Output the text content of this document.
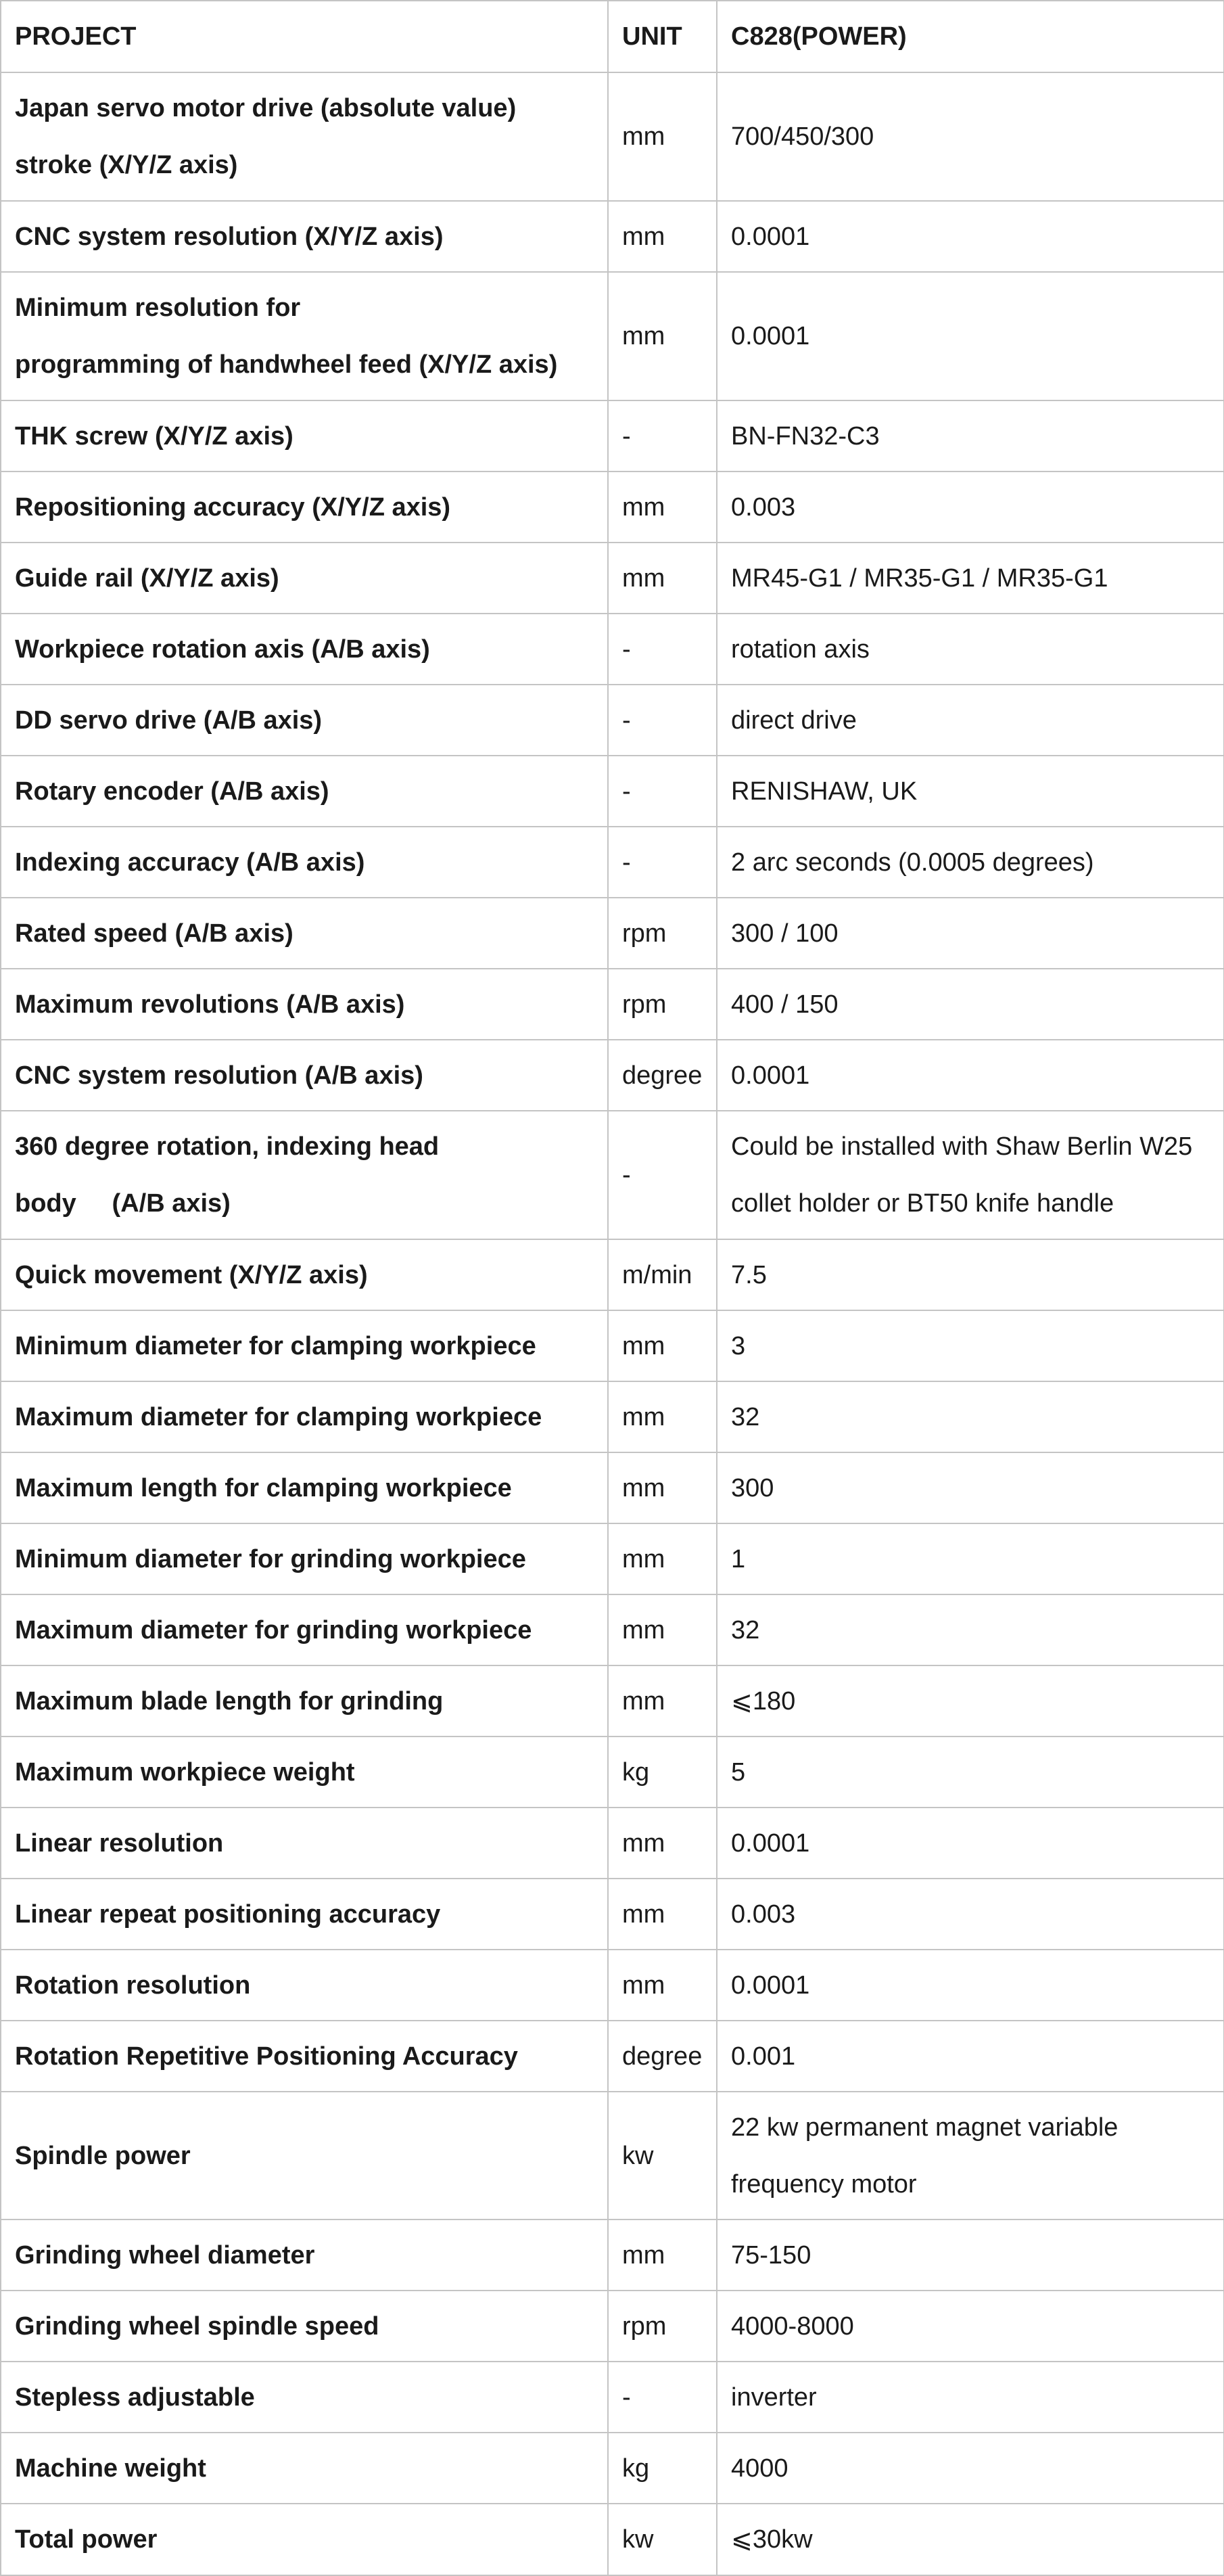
PROJECT	UNIT	C828(POWER)

Japan servo motor drive (absolute value)
stroke (X/Y/Z axis)	mm	700/450/300

CNC system resolution (X/Y/Z axis)	mm	0.0001

Minimum resolution for
programming of handwheel feed (X/Y/Z axis)	mm	0.0001

THK screw (X/Y/Z axis)	-	BN-FN32-C3

Repositioning accuracy (X/Y/Z axis)	mm	0.003

Guide rail (X/Y/Z axis)	mm	MR45-G1 / MR35-G1 / MR35-G1

Workpiece rotation axis (A/B axis)	-	rotation axis

DD servo drive (A/B axis)	-	direct drive

Rotary encoder (A/B axis)	-	RENISHAW, UK

Indexing accuracy (A/B axis)	-	2 arc seconds (0.0005 degrees)

Rated speed (A/B axis)	rpm	300 / 100

Maximum revolutions (A/B axis)	rpm	400 / 150

CNC system resolution (A/B axis)	degree	0.0001

360 degree rotation, indexing head
body     (A/B axis)	-	Could be installed with Shaw Berlin W25
collet holder or BT50 knife handle

Quick movement (X/Y/Z axis)	m/min	7.5

Minimum diameter for clamping workpiece	mm	3

Maximum diameter for clamping workpiece	mm	32

Maximum length for clamping workpiece	mm	300

Minimum diameter for grinding workpiece	mm	1

Maximum diameter for grinding workpiece	mm	32

Maximum blade length for grinding	mm	⩽180

Maximum workpiece weight	kg	5

Linear resolution	mm	0.0001

Linear repeat positioning accuracy	mm	0.003

Rotation resolution	mm	0.0001

Rotation Repetitive Positioning Accuracy	degree	0.001

Spindle power	kw	22 kw permanent magnet variable
frequency motor

Grinding wheel diameter	mm	75-150

Grinding wheel spindle speed	rpm	4000-8000

Stepless adjustable	-	inverter

Machine weight	kg	4000

Total power	kw	⩽30kw
